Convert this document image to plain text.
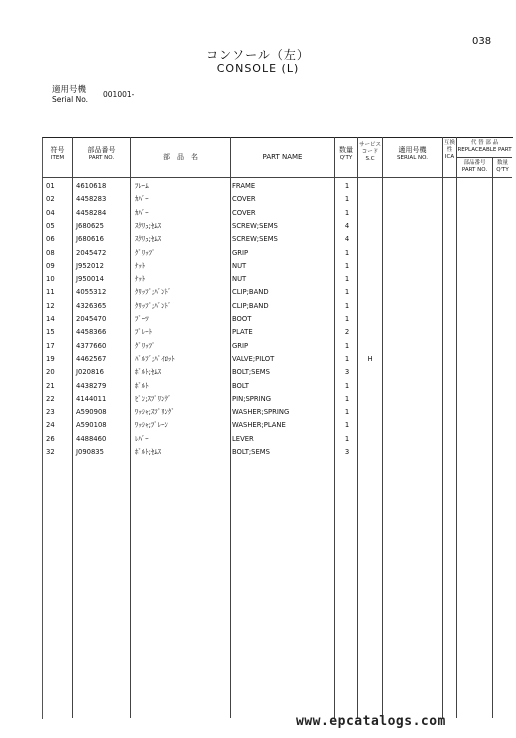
038
コンソール（左）
CONSOLE (L)
適用号機
Serial No.
001001-
符号
ITEM
部品番号
PART NO.	部　品　名	PART NAME
数量
Q'TY
サービス
コード
S.C
適用号機
SERIAL NO.
互換性
ICA
代 替 部 品
REPLACEABLE PART
部品番号
PART NO.
数量
Q'TY
01	4610618	ﾌﾚｰﾑ	FRAME	1
02	4458283	ｶﾊﾞｰ	COVER	1
04	4458284	ｶﾊﾞｰ	COVER	1
05	J680625	ｽｸﾘｭ;ｾﾑｽ	SCREW;SEMS	4
06	J680616	ｽｸﾘｭ;ｾﾑｽ	SCREW;SEMS	4
08	2045472	ｸﾞﾘｯﾌﾟ	GRIP	1
09	J952012	ﾅｯﾄ	NUT	1
10	J950014	ﾅｯﾄ	NUT	1
11	4055312	ｸﾘｯﾌﾟ;ﾊﾞﾝﾄﾞ	CLIP;BAND	1
12	4326365	ｸﾘｯﾌﾟ;ﾊﾞﾝﾄﾞ	CLIP;BAND	1
14	2045470	ﾌﾞｰﾂ	BOOT	1
15	4458366	ﾌﾟﾚｰﾄ	PLATE	2
17	4377660	ｸﾞﾘｯﾌﾟ	GRIP	1
19	4462567	ﾊﾞﾙﾌﾞ;ﾊﾟｲﾛｯﾄ	VALVE;PILOT	1	H
20	J020816	ﾎﾞﾙﾄ;ｾﾑｽ	BOLT;SEMS	3
21	4438279	ﾎﾞﾙﾄ	BOLT	1
22	4144011	ﾋﾟﾝ;ｽﾌﾟﾘﾝｸﾞ	PIN;SPRING	1
23	A590908	ﾜｯｼｬ;ｽﾌﾟﾘﾝｸﾞ	WASHER;SPRING	1
24	A590108	ﾜｯｼｬ;ﾌﾟﾚｰﾝ	WASHER;PLANE	1
26	4488460	ﾚﾊﾞｰ	LEVER	1
32	J090835	ﾎﾞﾙﾄ;ｾﾑｽ	BOLT;SEMS	3
www.epcatalogs.com
